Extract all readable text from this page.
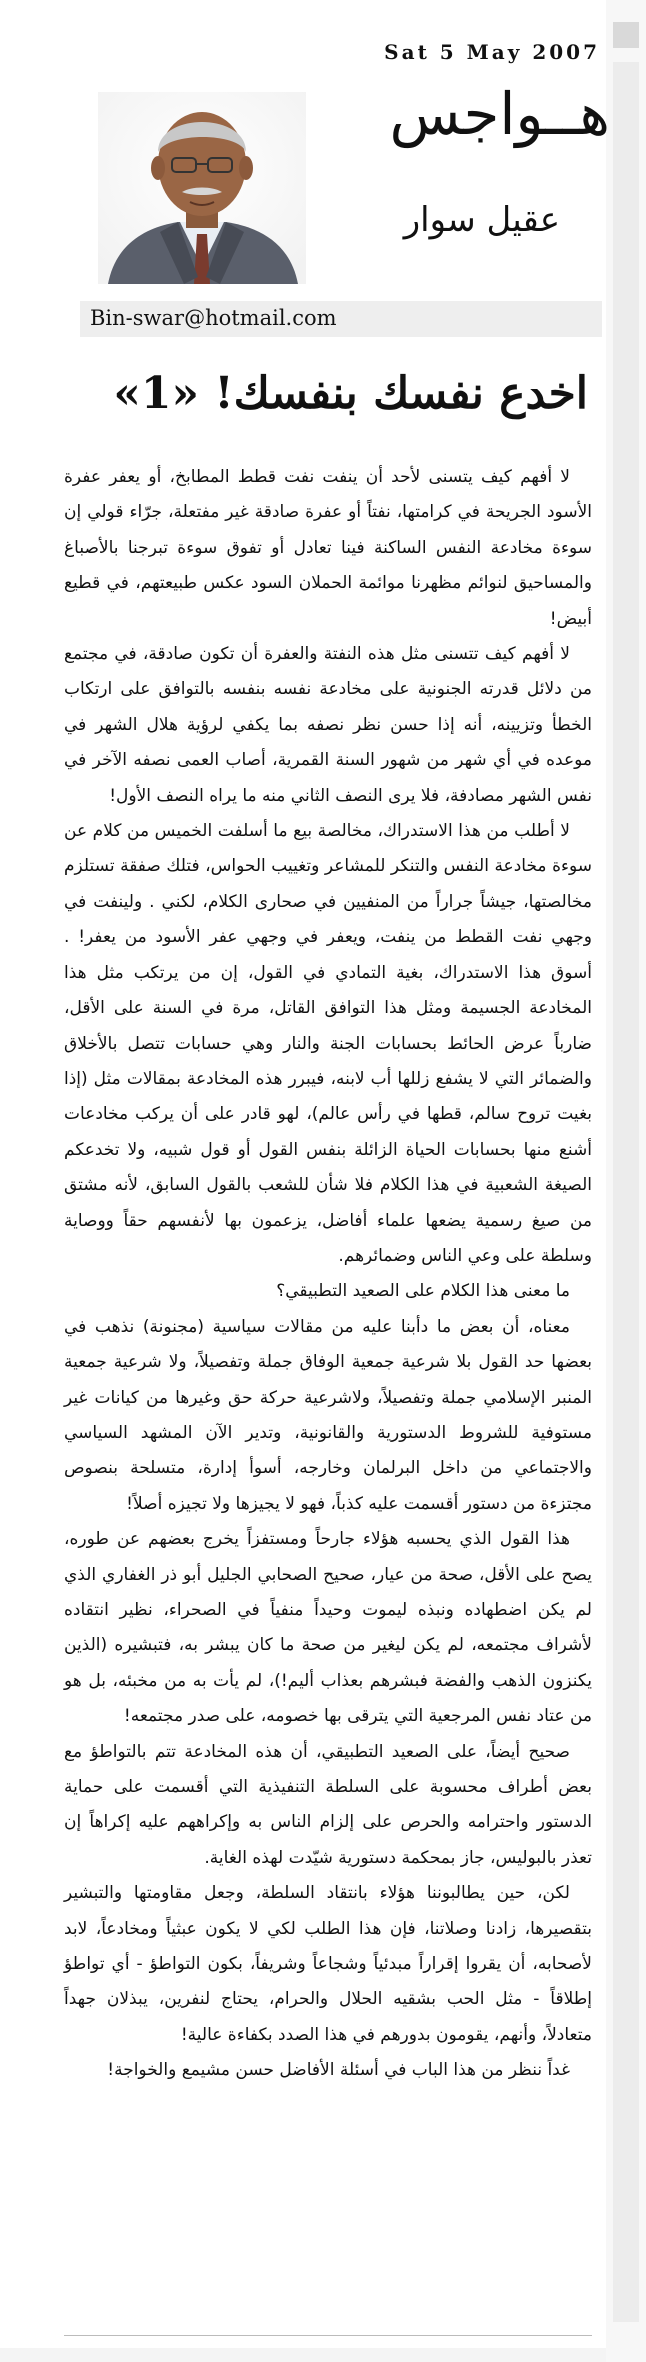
Sat 5 May 2007
هــواجس
عقيل سوار
Bin-swar@hotmail.com
اخدع نفسك بنفسك! «1»

لا أفهم كيف يتسنى لأحد أن ينفت نفت قطط المطابخ، أو يعفر عفرة الأسود الجريحة في كرامتها، نفتاً أو عفرة صادقة غير مفتعلة، جرّاء قولي إن سوءة مخادعة النفس الساكنة فينا تعادل أو تفوق سوءة تبرجنا بالأصباغ والمساحيق لنوائم مظهرنا موائمة الحملان السود عكس طبيعتهم، في قطيع أبيض!

لا أفهم كيف تتسنى مثل هذه النفتة والعفرة أن تكون صادقة، في مجتمع من دلائل قدرته الجنونية على مخادعة نفسه بنفسه بالتوافق على ارتكاب الخطأ وتزيينه، أنه إذا حسن نظر نصفه بما يكفي لرؤية هلال الشهر في موعده في أي شهر من شهور السنة القمرية، أصاب العمى نصفه الآخر في نفس الشهر مصادفة، فلا يرى النصف الثاني منه ما يراه النصف الأول!

لا أطلب من هذا الاستدراك، مخالصة بيع ما أسلفت الخميس من كلام عن سوءة مخادعة النفس والتنكر للمشاعر وتغييب الحواس، فتلك صفقة تستلزم مخالصتها، جيشاً جراراً من المنفيين في صحارى الكلام، لكني . ولينفت في وجهي نفت القطط من ينفت، ويعفر في وجهي عفر الأسود من يعفر! . أسوق هذا الاستدراك، بغية التمادي في القول، إن من يرتكب مثل هذا المخادعة الجسيمة ومثل هذا التوافق القاتل، مرة في السنة على الأقل، ضارباً عرض الحائط بحسابات الجنة والنار وهي حسابات تتصل بالأخلاق والضمائر التي لا يشفع زللها أب لابنه، فيبرر هذه المخادعة بمقالات مثل (إذا بغيت تروح سالم، قطها في رأس عالم)، لهو قادر على أن يركب مخادعات أشنع منها بحسابات الحياة الزائلة بنفس القول أو قول شبيه، ولا تخدعكم الصيغة الشعبية في هذا الكلام فلا شأن للشعب بالقول السابق، لأنه مشتق من صيغ رسمية يضعها علماء أفاضل، يزعمون بها لأنفسهم حقاً ووصاية وسلطة على وعي الناس وضمائرهم.

ما معنى هذا الكلام على الصعيد التطبيقي؟

معناه، أن بعض ما دأبنا عليه من مقالات سياسية (مجنونة) نذهب في بعضها حد القول بلا شرعية جمعية الوفاق جملة وتفصيلاً، ولا شرعية جمعية المنبر الإسلامي جملة وتفصيلاً، ولاشرعية حركة حق وغيرها من كيانات غير مستوفية للشروط الدستورية والقانونية، وتدير الآن المشهد السياسي والاجتماعي من داخل البرلمان وخارجه، أسوأ إدارة، متسلحة بنصوص مجتزءة من دستور أقسمت عليه كذباً، فهو لا يجيزها ولا تجيزه أصلاً!

هذا القول الذي يحسبه هؤلاء جارحاً ومستفزاً يخرج بعضهم عن طوره، يصح على الأقل، صحة من عيار، صحيح الصحابي الجليل أبو ذر الغفاري الذي لم يكن اضطهاده ونبذه ليموت وحيداً منفياً في الصحراء، نظير انتقاده لأشراف مجتمعه، لم يكن ليغير من صحة ما كان يبشر به، فتبشيره (الذين يكنزون الذهب والفضة فبشرهم بعذاب أليم!)، لم يأت به من مخبئه، بل هو من عتاد نفس المرجعية التي يترقى بها خصومه، على صدر مجتمعه!

صحيح أيضاً، على الصعيد التطبيقي، أن هذه المخادعة تتم بالتواطؤ مع بعض أطراف محسوبة على السلطة التنفيذية التي أقسمت على حماية الدستور واحترامه والحرص على إلزام الناس به وإكراههم عليه إكراهاً إن تعذر بالبوليس، جاز بمحكمة دستورية شيّدت لهذه الغاية.

لكن، حين يطالبوننا هؤلاء بانتقاد السلطة، وجعل مقاومتها والتبشير بتقصيرها، زادنا وصلاتنا، فإن هذا الطلب لكي لا يكون عبثياً ومخادعاً، لابد لأصحابه، أن يقروا إقراراً مبدئياً وشجاعاً وشريفاً، بكون التواطؤ - أي تواطؤ إطلاقاً - مثل الحب بشقيه الحلال والحرام، يحتاج لنفرين، يبذلان جهداً متعادلاً، وأنهم، يقومون بدورهم في هذا الصدد بكفاءة عالية!

غداً ننظر من هذا الباب في أسئلة الأفاضل حسن مشيمع والخواجة!
